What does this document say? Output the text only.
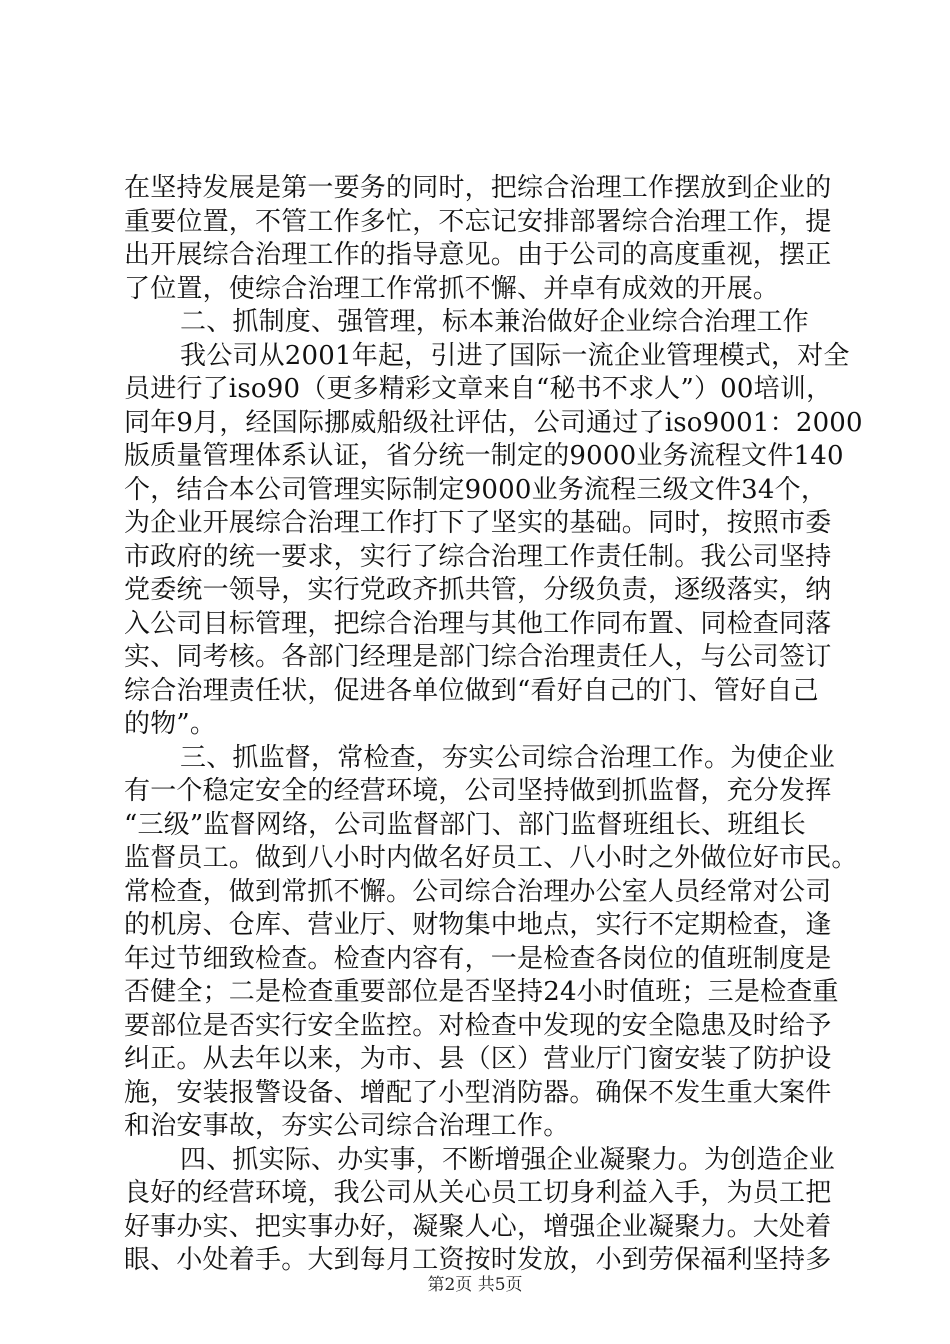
在坚持发展是第一要务的同时，把综合治理工作摆放到企业的
重要位置，不管工作多忙，不忘记安排部署综合治理工作，提
出开展综合治理工作的指导意见。由于公司的高度重视，摆正
了位置，使综合治理工作常抓不懈、并卓有成效的开展。
二、抓制度、强管理，标本兼治做好企业综合治理工作
我公司从2001年起，引进了国际一流企业管理模式，对全
员进行了iso90（更多精彩文章来自“秘书不求人”）00培训，
同年9月，经国际挪威船级社评估，公司通过了iso9001：2000
版质量管理体系认证，省分统一制定的9000业务流程文件140
个，结合本公司管理实际制定9000业务流程三级文件34个，
为企业开展综合治理工作打下了坚实的基础。同时，按照市委
市政府的统一要求，实行了综合治理工作责任制。我公司坚持
党委统一领导，实行党政齐抓共管，分级负责，逐级落实，纳
入公司目标管理，把综合治理与其他工作同布置、同检查同落
实、同考核。各部门经理是部门综合治理责任人，与公司签订
综合治理责任状，促进各单位做到“看好自己的门、管好自己
的物”。
三、抓监督，常检查，夯实公司综合治理工作。为使企业
有一个稳定安全的经营环境，公司坚持做到抓监督，充分发挥
“三级”监督网络，公司监督部门、部门监督班组长、班组长
监督员工。做到八小时内做名好员工、八小时之外做位好市民。
常检查，做到常抓不懈。公司综合治理办公室人员经常对公司
的机房、仓库、营业厅、财物集中地点，实行不定期检查，逢
年过节细致检查。检查内容有，一是检查各岗位的值班制度是
否健全；二是检查重要部位是否坚持24小时值班；三是检查重
要部位是否实行安全监控。对检查中发现的安全隐患及时给予
纠正。从去年以来，为市、县（区）营业厅门窗安装了防护设
施，安装报警设备、增配了小型消防器。确保不发生重大案件
和治安事故，夯实公司综合治理工作。
四、抓实际、办实事，不断增强企业凝聚力。为创造企业
良好的经营环境，我公司从关心员工切身利益入手，为员工把
好事办实、把实事办好，凝聚人心，增强企业凝聚力。大处着
眼、小处着手。大到每月工资按时发放，小到劳保福利坚持多
第2页 共5页
